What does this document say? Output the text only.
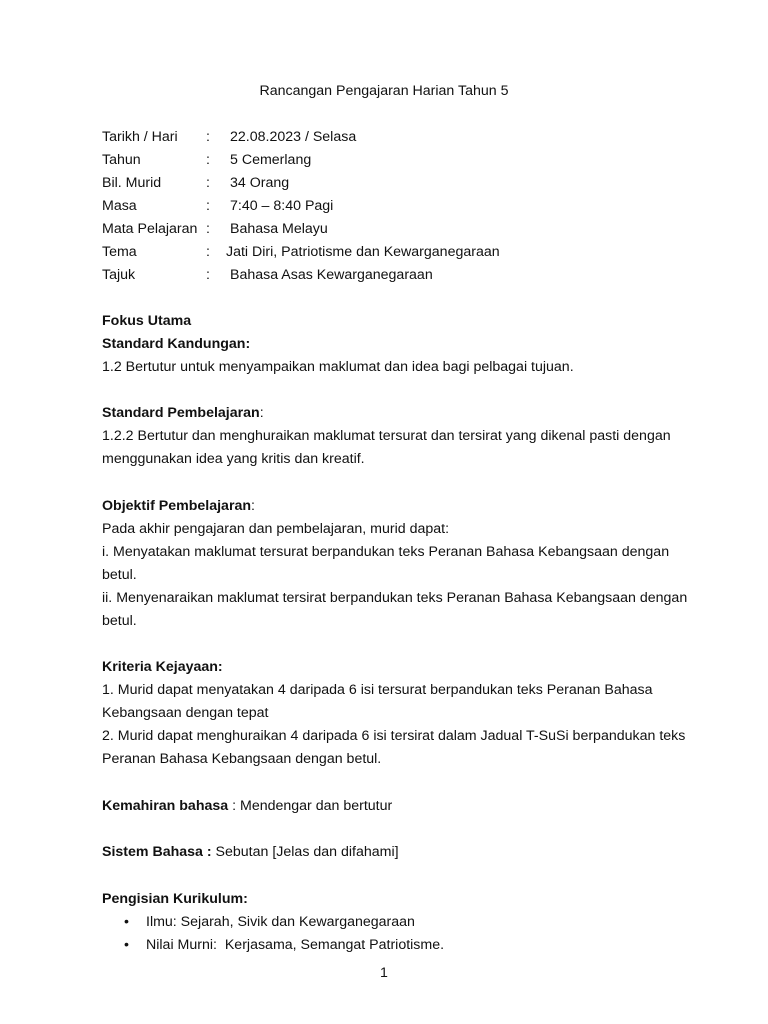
Rancangan Pengajaran Harian Tahun 5
Tarikh / Hari : 22.08.2023 / Selasa
Tahun	: 5 Cemerlang
Bil. Murid	: 34 Orang
Masa	: 7:40 – 8:40 Pagi
Mata Pelajaran : Bahasa Melayu
Tema	: Jati Diri, Patriotisme dan Kewarganegaraan
Tajuk	: Bahasa Asas Kewarganegaraan

Fokus Utama

Standard Kandungan:

1.2 Bertutur untuk menyampaikan maklumat dan idea bagi pelbagai tujuan.

Standard Pembelajaran:

1.2.2 Bertutur dan menghuraikan maklumat tersurat dan tersirat yang dikenal pasti dengan

menggunakan idea yang kritis dan kreatif.

Objektif Pembelajaran:

Pada akhir pengajaran dan pembelajaran, murid dapat:

i. Menyatakan maklumat tersurat berpandukan teks Peranan Bahasa Kebangsaan dengan

betul.

ii. Menyenaraikan maklumat tersirat berpandukan teks Peranan Bahasa Kebangsaan dengan

betul.

Kriteria Kejayaan:

1. Murid dapat menyatakan 4 daripada 6 isi tersurat berpandukan teks Peranan Bahasa

Kebangsaan dengan tepat

2. Murid dapat menghuraikan 4 daripada 6 isi tersirat dalam Jadual T-SuSi berpandukan teks

Peranan Bahasa Kebangsaan dengan betul.

Kemahiran bahasa : Mendengar dan bertutur

Sistem Bahasa : Sebutan [Jelas dan difahami]

Pengisian Kurikulum:

• Ilmu: Sejarah, Sivik dan Kewarganegaraan
• Nilai Murni:  Kerjasama, Semangat Patriotisme.
1
